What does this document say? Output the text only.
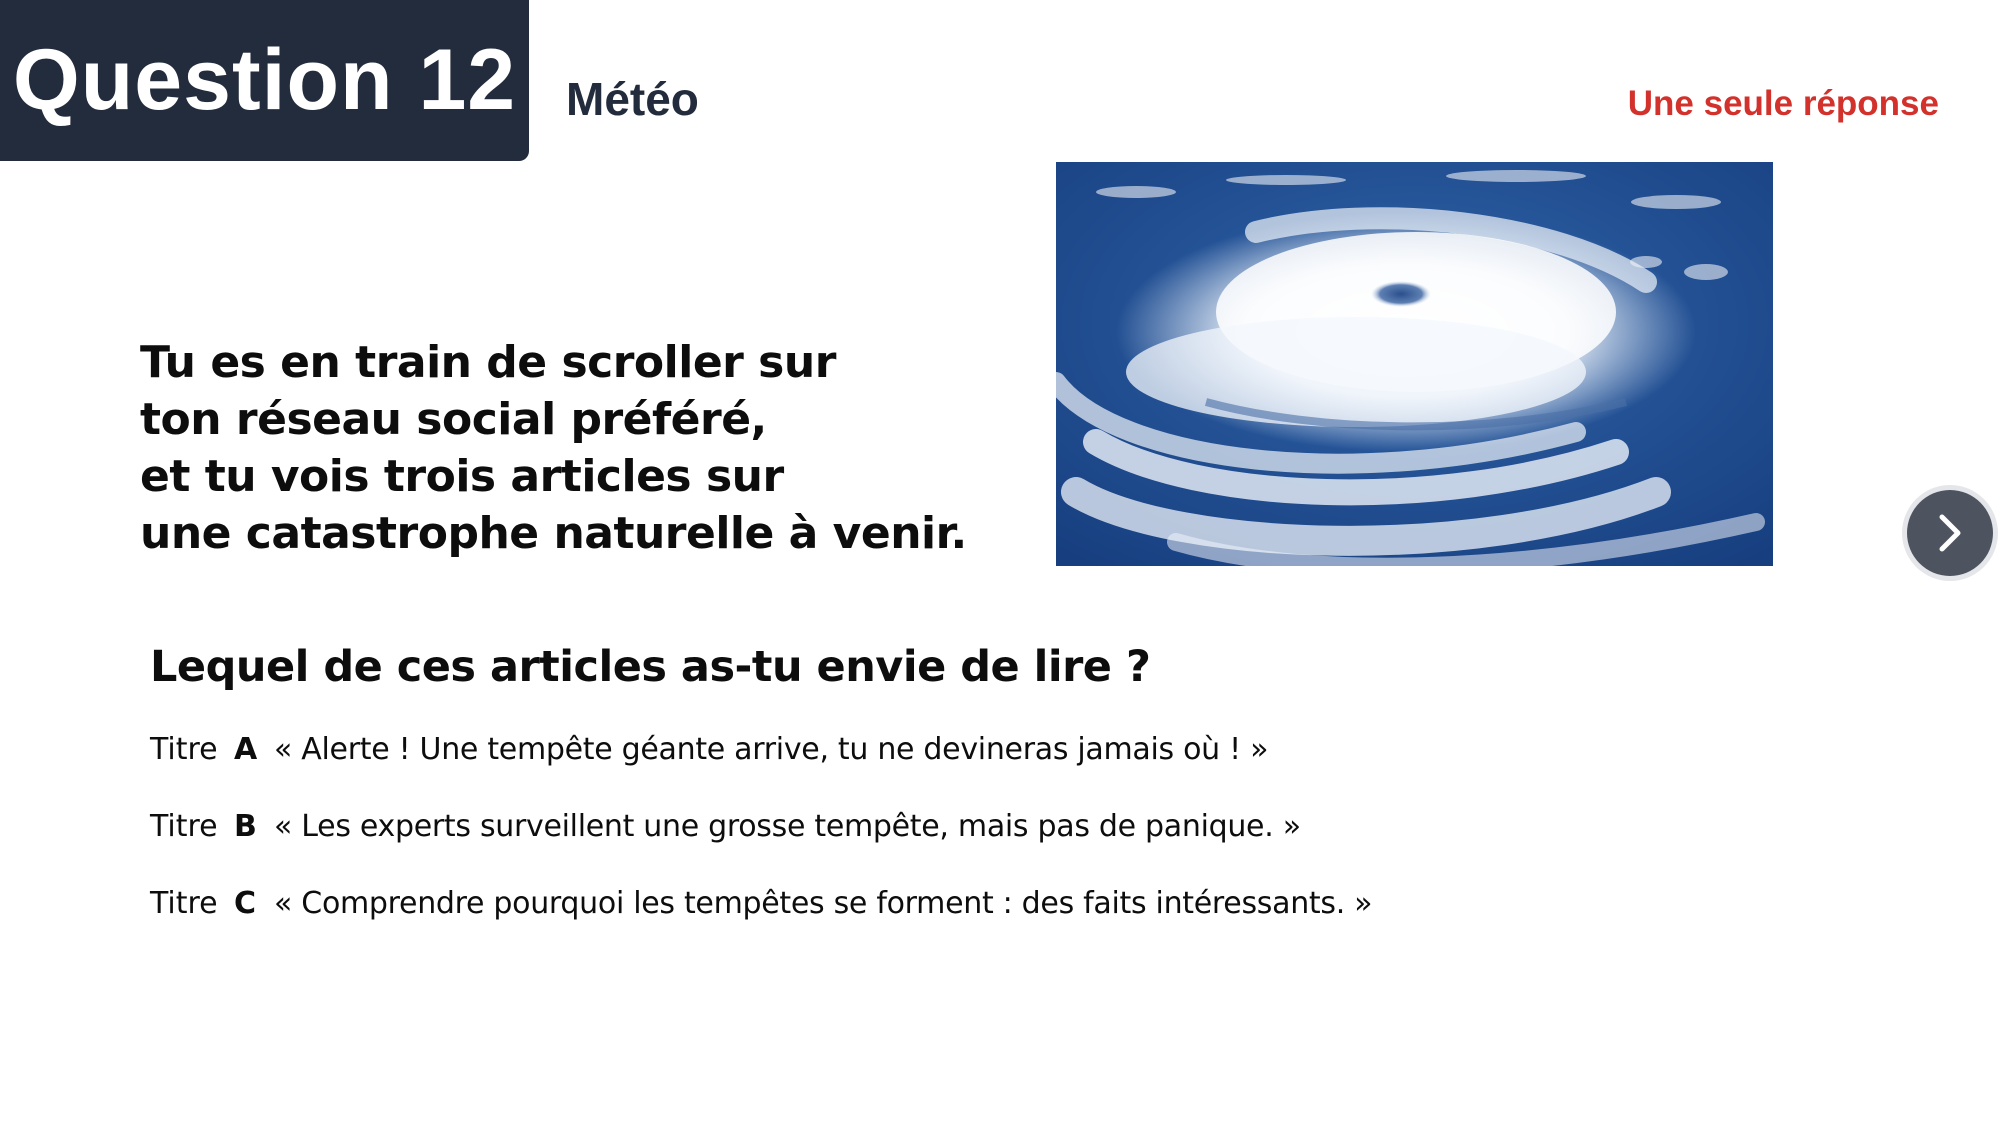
Question 12 Météo	Une seule réponse
Tu es en train de scroller sur
ton réseau social préféré,
et tu vois trois articles sur
une catastrophe naturelle à venir.
Lequel de ces articles as-tu envie de lire ?
Titre A « Alerte ! Une tempête géante arrive, tu ne devineras jamais où ! »
Titre B « Les experts surveillent une grosse tempête, mais pas de panique. »
Titre C « Comprendre pourquoi les tempêtes se forment : des faits intéressants. »
